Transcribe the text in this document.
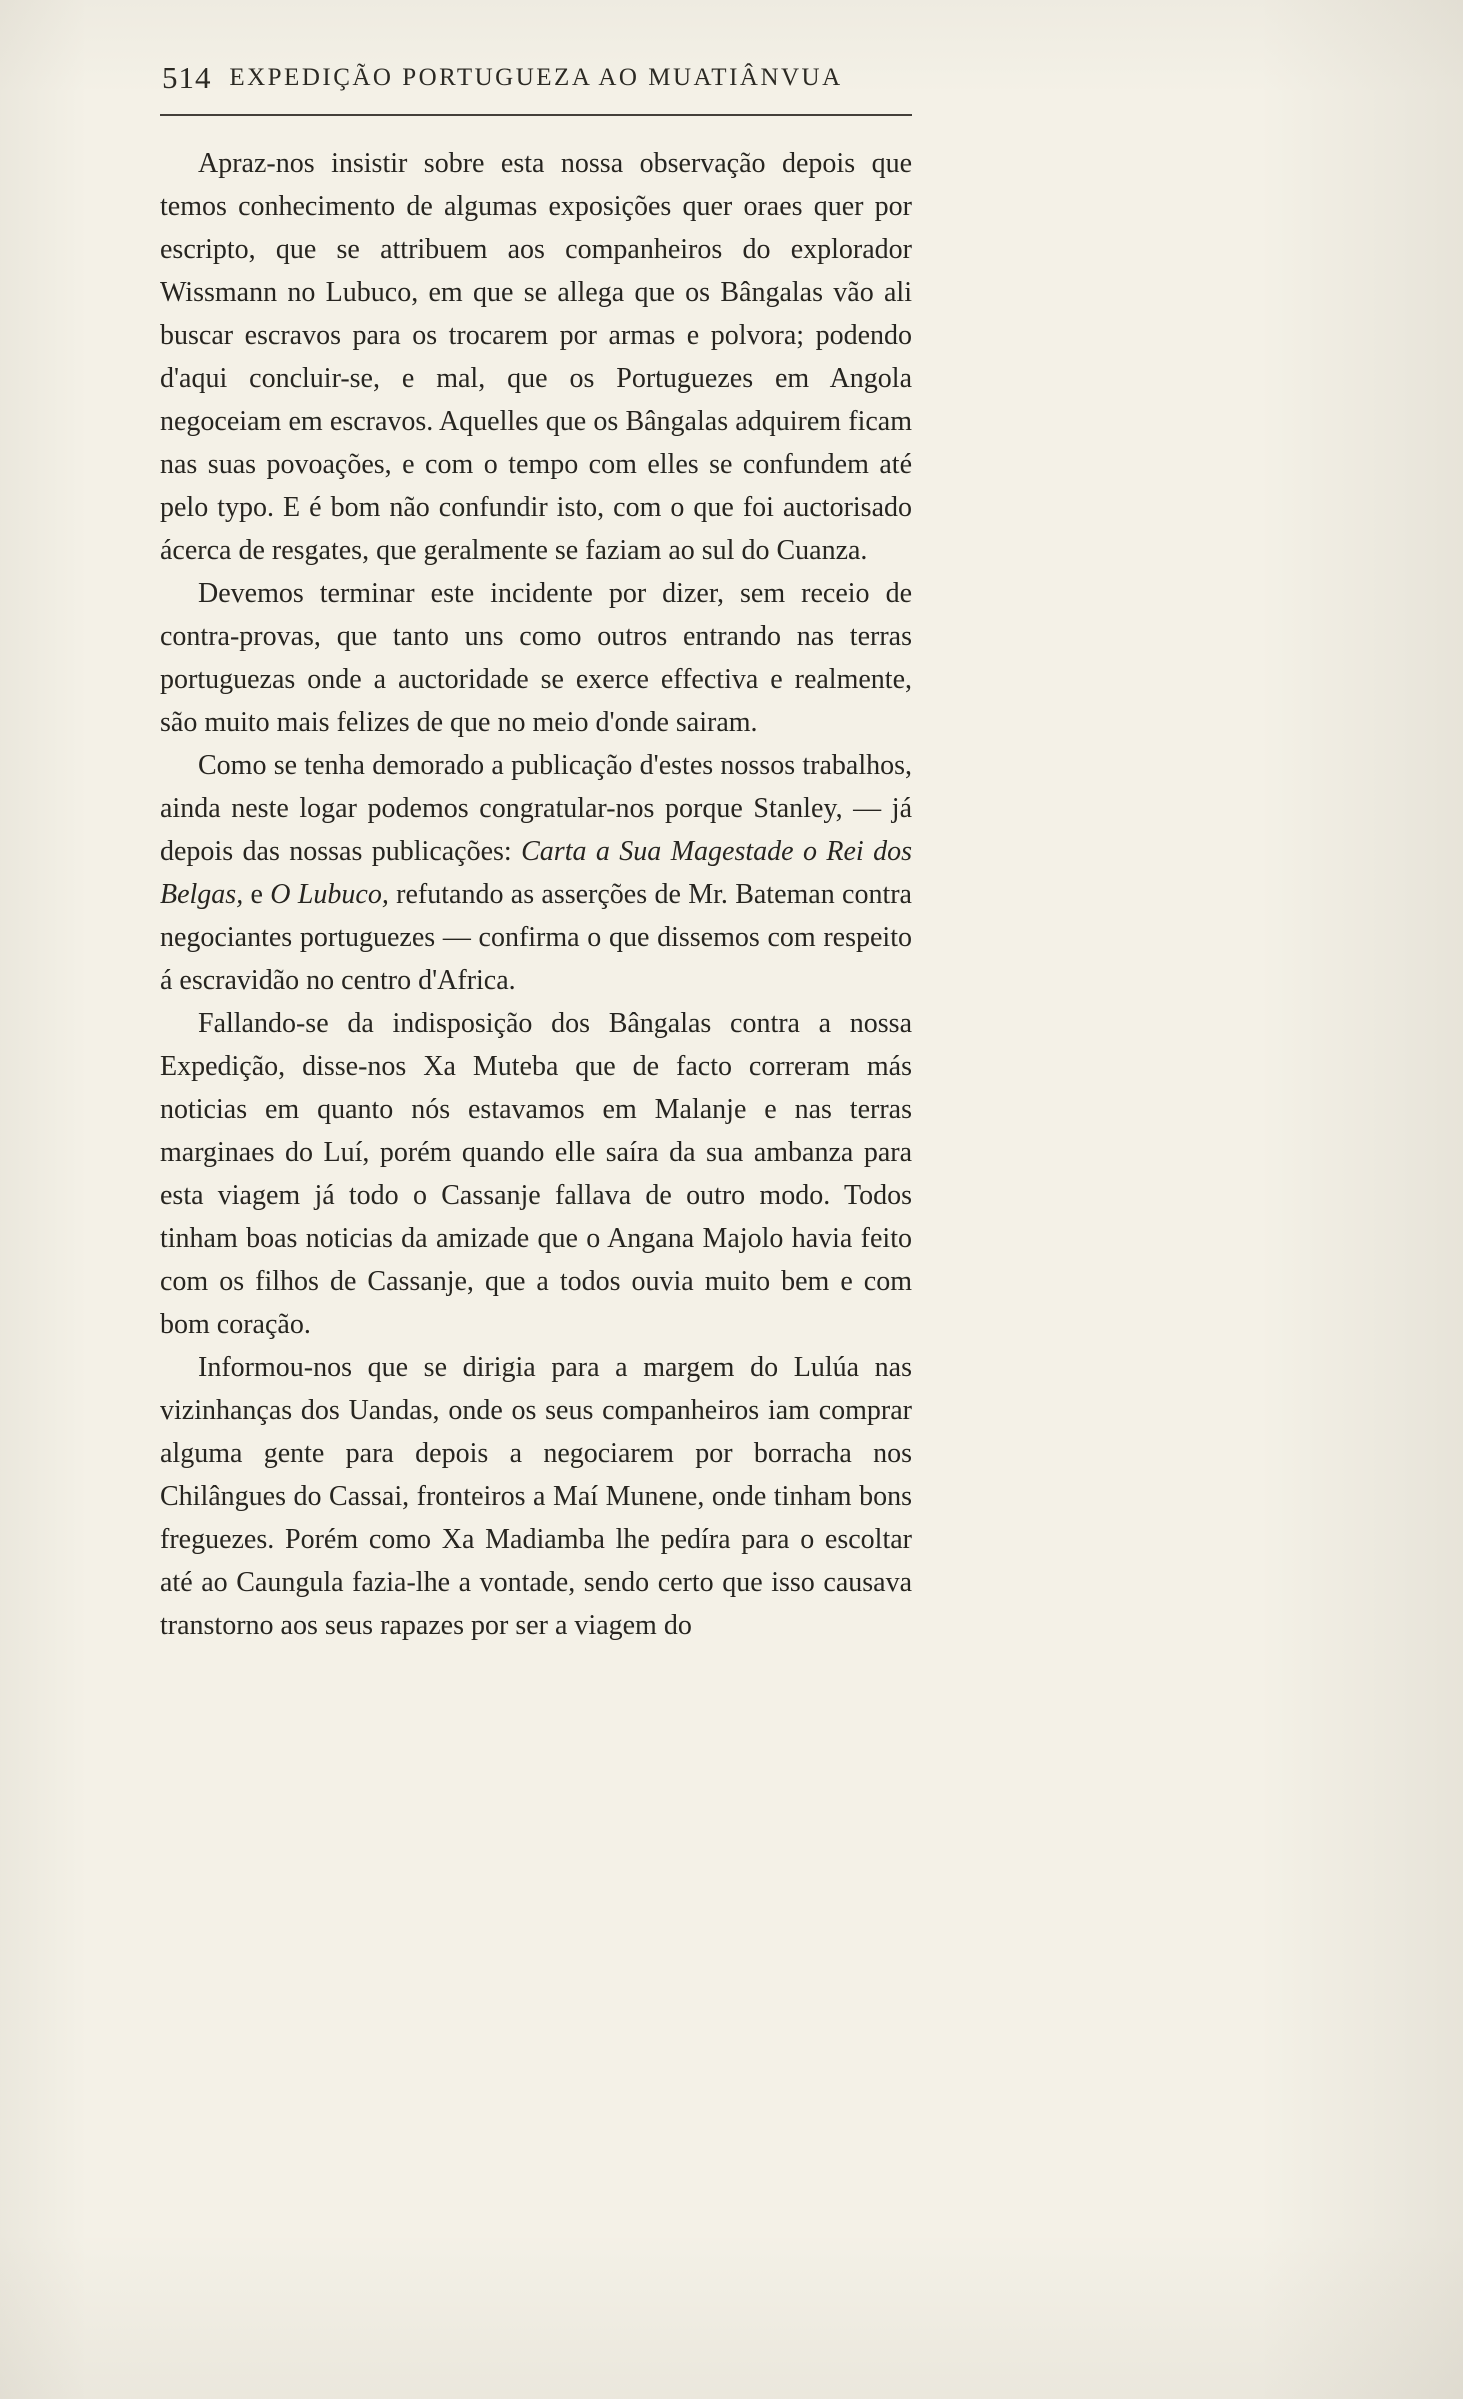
514 EXPEDIÇÃO PORTUGUEZA AO MUATIÂNVUA

Apraz-nos insistir sobre esta nossa observação depois que temos conhecimento de algumas exposições quer oraes quer por escripto, que se attribuem aos companheiros do explorador Wissmann no Lubuco, em que se allega que os Bângalas vão ali buscar escravos para os trocarem por armas e polvora; podendo d'aqui concluir-se, e mal, que os Portuguezes em Angola negoceiam em escravos. Aquelles que os Bângalas adquirem ficam nas suas povoações, e com o tempo com elles se confundem até pelo typo. E é bom não confundir isto, com o que foi auctorisado ácerca de resgates, que geralmente se faziam ao sul do Cuanza.

Devemos terminar este incidente por dizer, sem receio de contra-provas, que tanto uns como outros entrando nas terras portuguezas onde a auctoridade se exerce effectiva e realmente, são muito mais felizes de que no meio d'onde sairam.

Como se tenha demorado a publicação d'estes nossos trabalhos, ainda neste logar podemos congratular-nos porque Stanley, — já depois das nossas publicações: Carta a Sua Magestade o Rei dos Belgas, e O Lubuco, refutando as asserções de Mr. Bateman contra negociantes portuguezes — confirma o que dissemos com respeito á escravidão no centro d'Africa.

Fallando-se da indisposição dos Bângalas contra a nossa Expedição, disse-nos Xa Muteba que de facto correram más noticias em quanto nós estavamos em Malanje e nas terras marginaes do Luí, porém quando elle saíra da sua ambanza para esta viagem já todo o Cassanje fallava de outro modo. Todos tinham boas noticias da amizade que o Angana Majolo havia feito com os filhos de Cassanje, que a todos ouvia muito bem e com bom coração.

Informou-nos que se dirigia para a margem do Lulúa nas vizinhanças dos Uandas, onde os seus companheiros iam comprar alguma gente para depois a negociarem por borracha nos Chilângues do Cassai, fronteiros a Maí Munene, onde tinham bons freguezes. Porém como Xa Madiamba lhe pedíra para o escoltar até ao Caungula fazia-lhe a vontade, sendo certo que isso causava transtorno aos seus rapazes por ser a viagem do
